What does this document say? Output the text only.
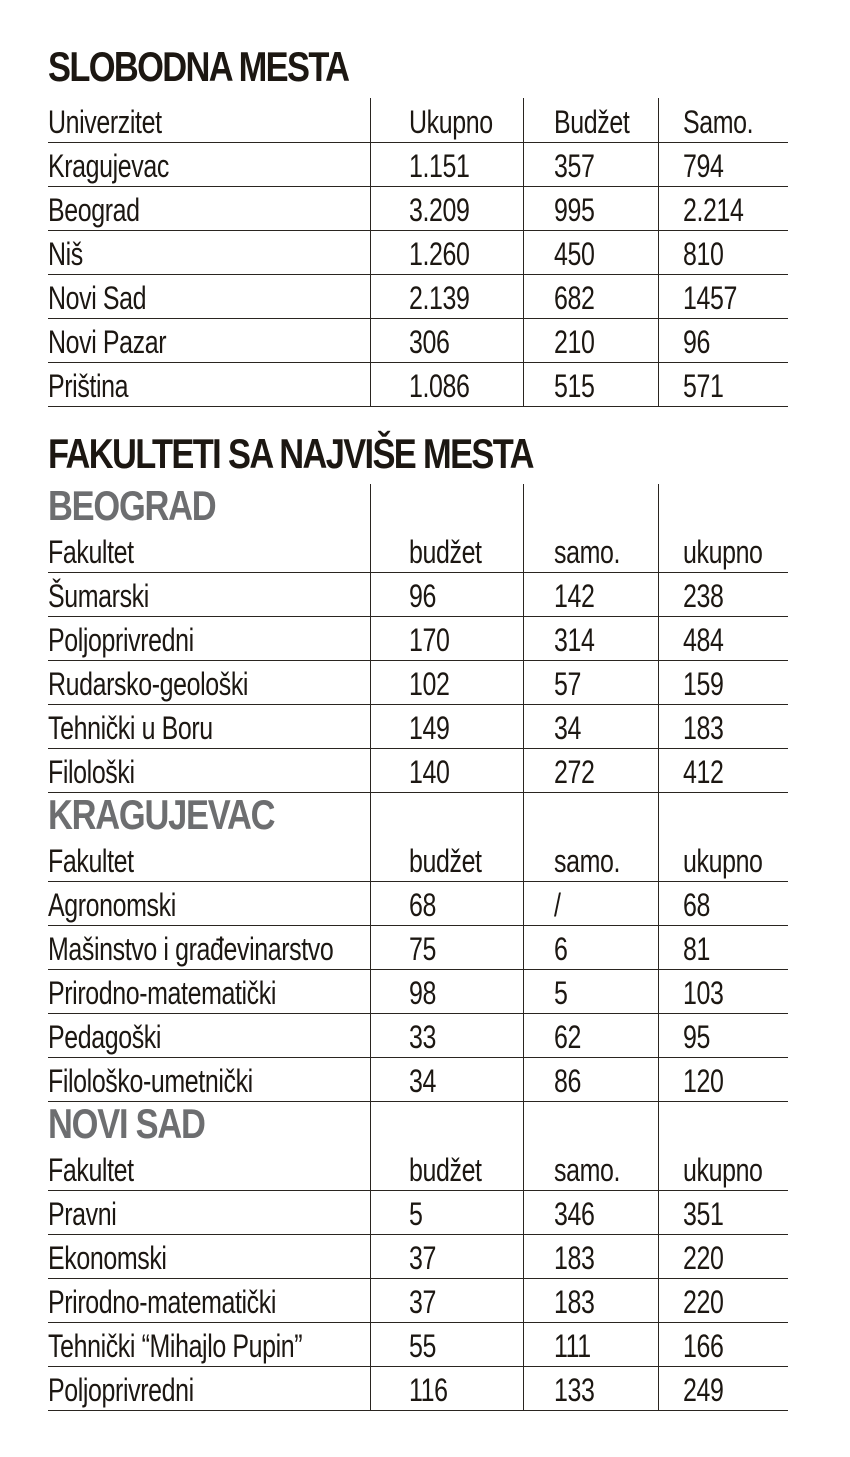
SLOBODNA MESTA
Univerzitet	Ukupno	Budžet	Samo.
Kragujevac	1.151	357	794
Beograd	3.209	995	2.214
Niš	1.260	450	810
Novi Sad	2.139	682	1457
Novi Pazar	306	210	96
Priština	1.086	515	571
FAKULTETI SA NAJVIŠE MESTA
BEOGRAD			

Fakultet	budžet	samo.	ukupno
Šumarski	96	142	238
Poljoprivredni	170	314	484
Rudarsko-geološki	102	57	159
Tehnički u Boru	149	34	183
Filološki	140	272	412

KRAGUJEVAC			

Fakultet	budžet	samo.	ukupno
Agronomski	68	/	68
Mašinstvo i građevinarstvo	75	6	81
Prirodno-matematički	98	5	103
Pedagoški	33	62	95
Filološko-umetnički	34	86	120

NOVI SAD			

Fakultet	budžet	samo.	ukupno
Pravni	5	346	351
Ekonomski	37	183	220
Prirodno-matematički	37	183	220
Tehnički “Mihajlo Pupin”	55	111	166
Poljoprivredni	116	133	249
